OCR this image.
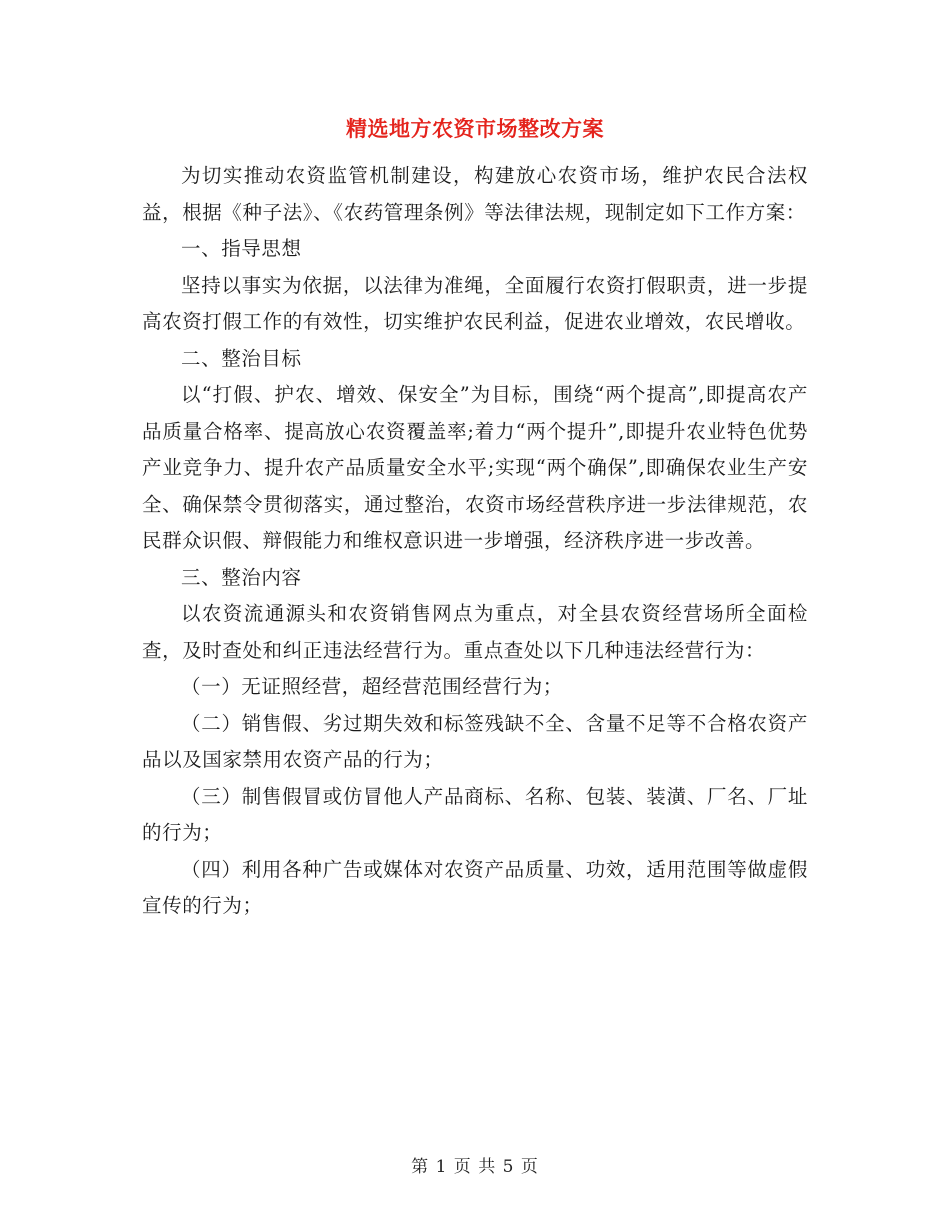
精选地方农资市场整改方案

为切实推动农资监管机制建设，构建放心农资市场，维护农民合法权益，根据《种子法》、《农药管理条例》等法律法规，现制定如下工作方案：

一、指导思想

坚持以事实为依据，以法律为准绳，全面履行农资打假职责，进一步提高农资打假工作的有效性，切实维护农民利益，促进农业增效，农民增收。

二、整治目标

以“打假、护农、增效、保安全”为目标，围绕“两个提高”,即提高农产品质量合格率、提高放心农资覆盖率;着力“两个提升”,即提升农业特色优势产业竞争力、提升农产品质量安全水平;实现“两个确保”,即确保农业生产安全、确保禁令贯彻落实，通过整治，农资市场经营秩序进一步法律规范，农民群众识假、辩假能力和维权意识进一步增强，经济秩序进一步改善。

三、整治内容

以农资流通源头和农资销售网点为重点，对全县农资经营场所全面检查，及时查处和纠正违法经营行为。重点查处以下几种违法经营行为：

（一）无证照经营，超经营范围经营行为；

（二）销售假、劣过期失效和标签残缺不全、含量不足等不合格农资产品以及国家禁用农资产品的行为；

（三）制售假冒或仿冒他人产品商标、名称、包装、装潢、厂名、厂址的行为；

（四）利用各种广告或媒体对农资产品质量、功效，适用范围等做虚假宣传的行为；

第 1 页 共 5 页
